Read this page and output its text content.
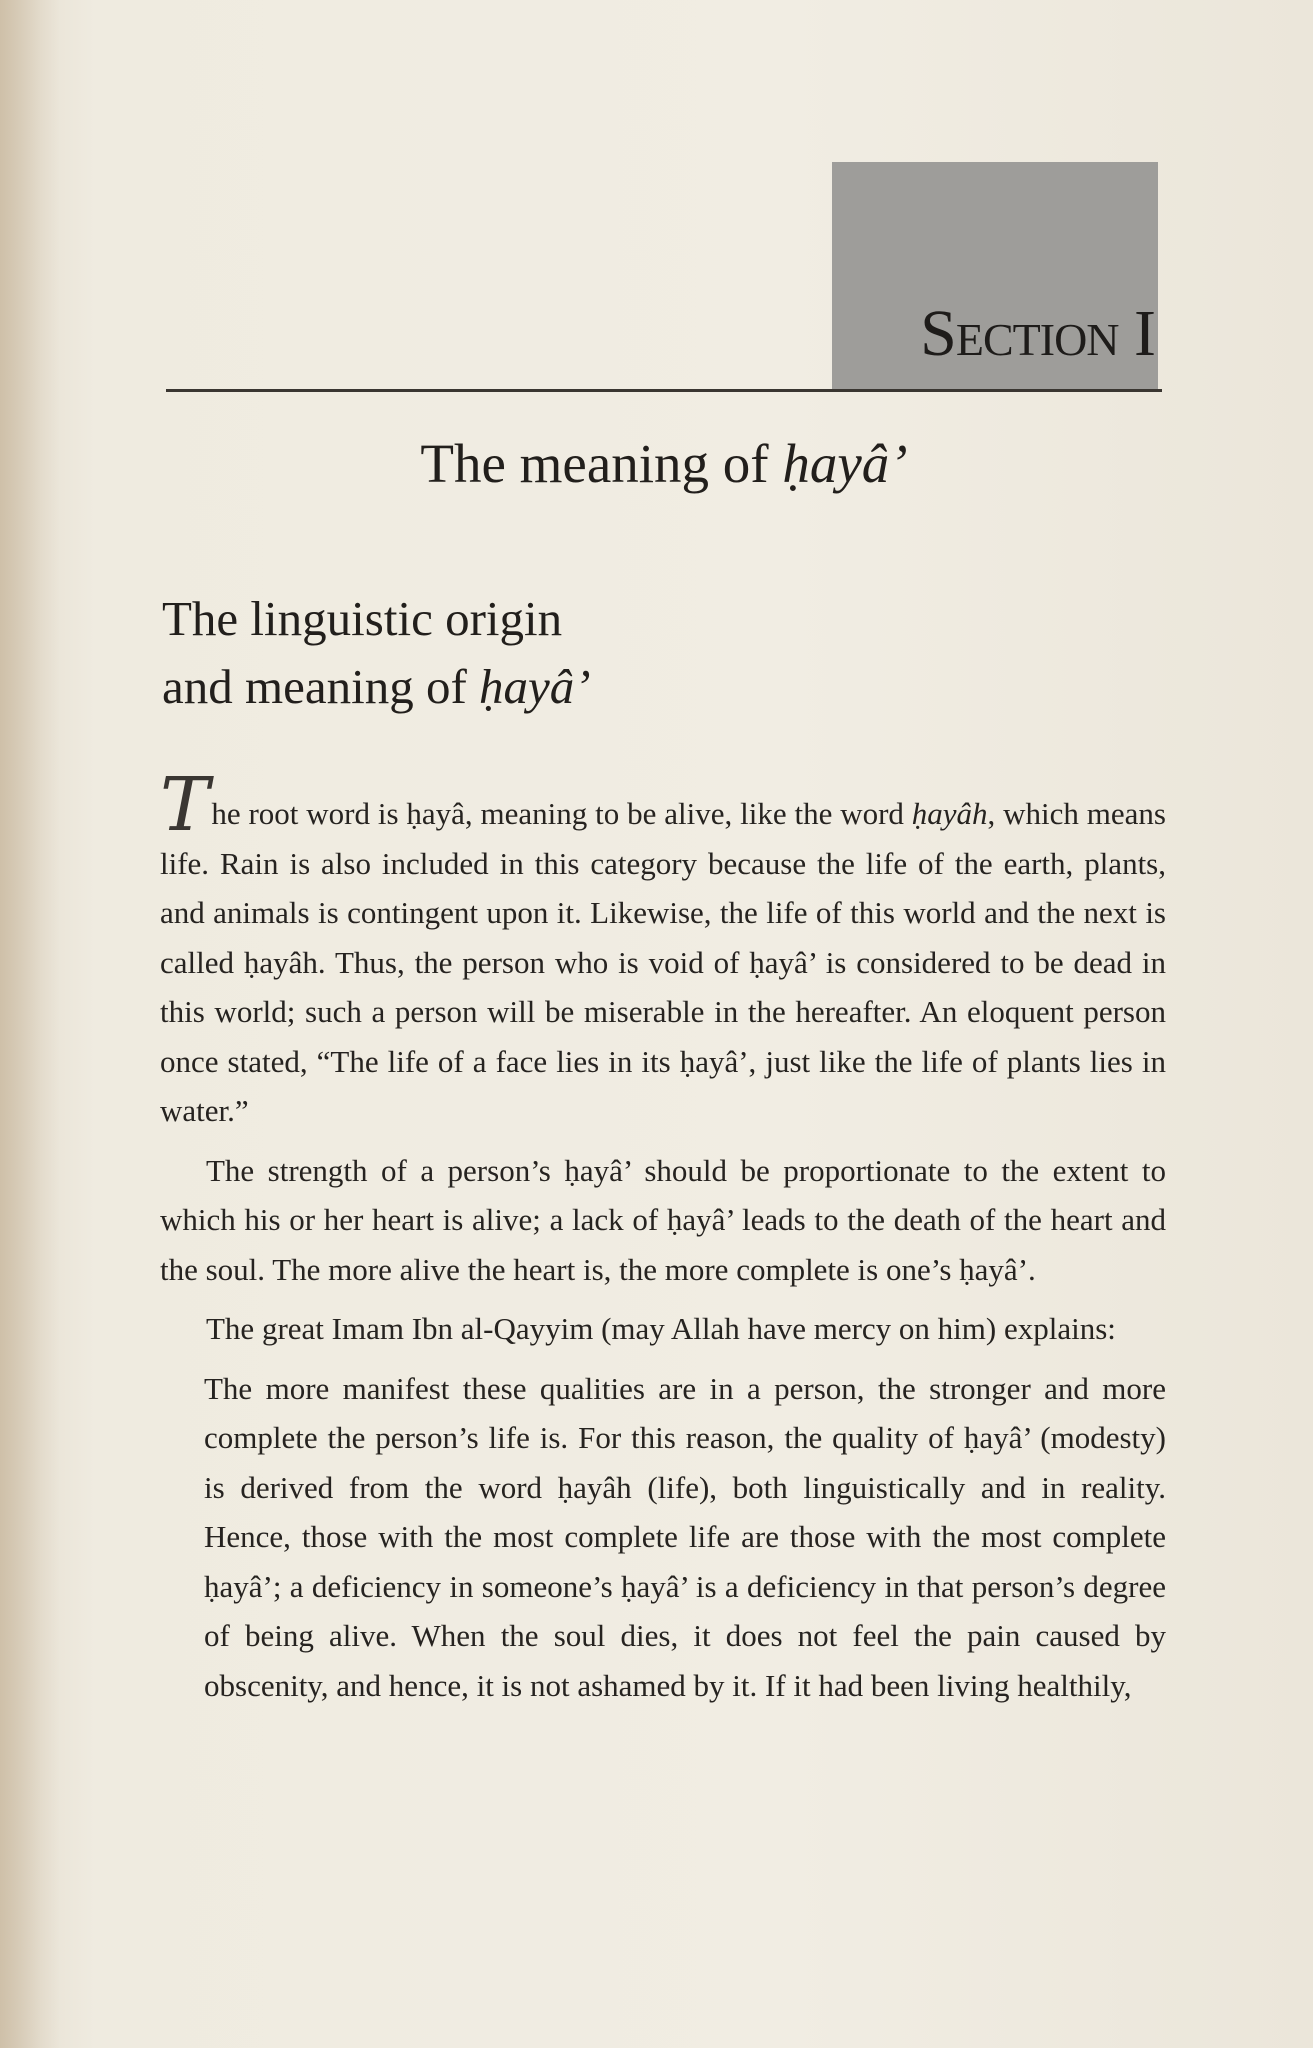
Section I
The meaning of ḥayâ’
The linguistic origin
and meaning of ḥayâ’

The root word is ḥayâ, meaning to be alive, like the word ḥayâh, which means life. Rain is also included in this category because the life of the earth, plants, and animals is contingent upon it. Likewise, the life of this world and the next is called ḥayâh. Thus, the person who is void of ḥayâ’ is considered to be dead in this world; such a person will be miserable in the hereafter. An eloquent person once stated, “The life of a face lies in its ḥayâ’, just like the life of plants lies in water.”

The strength of a person’s ḥayâ’ should be proportionate to the extent to which his or her heart is alive; a lack of ḥayâ’ leads to the death of the heart and the soul. The more alive the heart is, the more complete is one’s ḥayâ’.

The great Imam Ibn al-Qayyim (may Allah have mercy on him) explains:

The more manifest these qualities are in a person, the stronger and more complete the person’s life is. For this reason, the quality of ḥayâ’ (modesty) is derived from the word ḥayâh (life), both linguistically and in reality. Hence, those with the most complete life are those with the most complete ḥayâ’; a deficiency in someone’s ḥayâ’ is a deficiency in that person’s degree of being alive. When the soul dies, it does not feel the pain caused by obscenity, and hence, it is not ashamed by it. If it had been living healthily,
